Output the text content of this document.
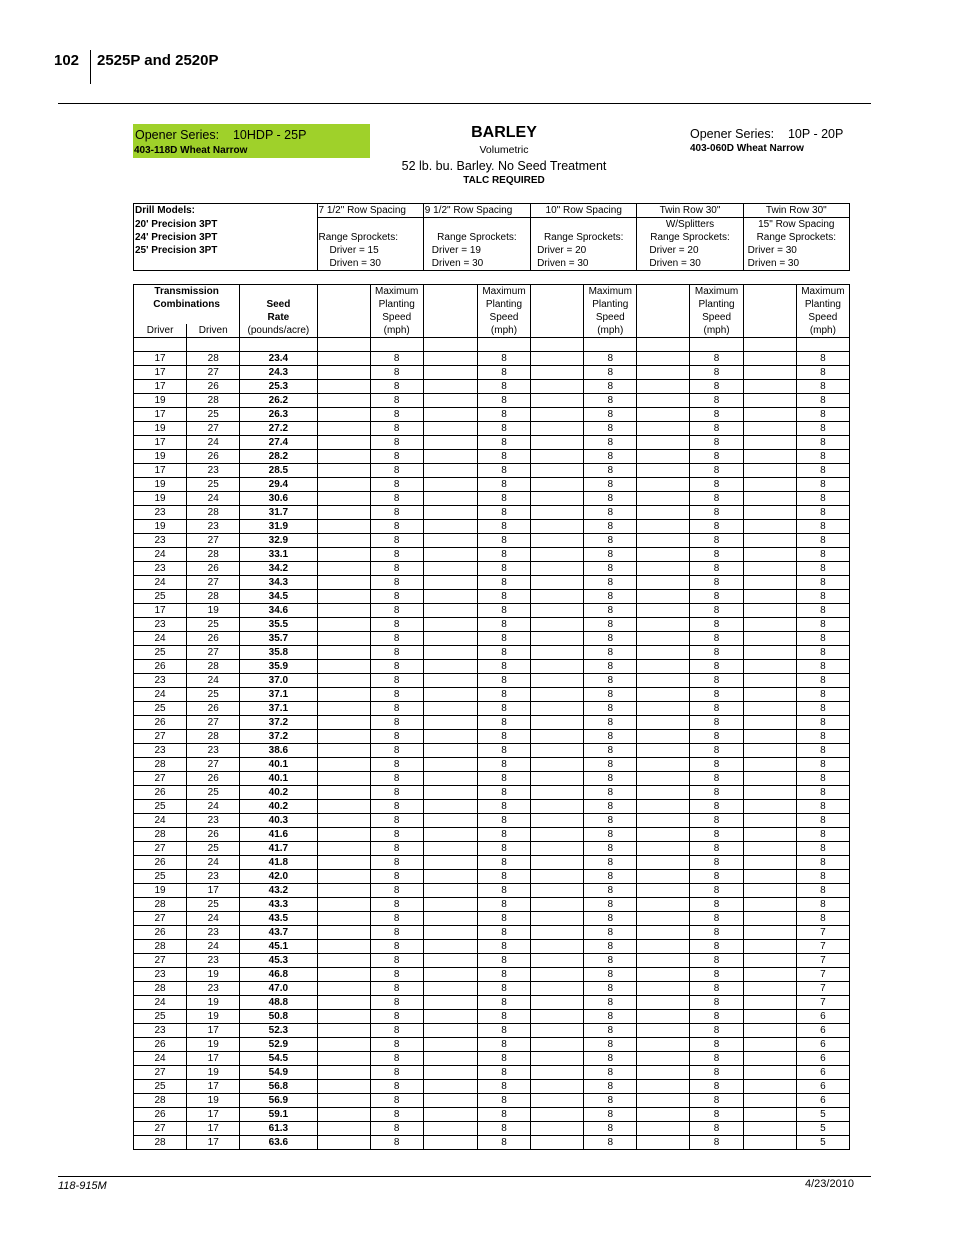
102 2525P and 2520P
Opener Series: 10HDP - 25P
403-118D Wheat Narrow
BARLEY
Volumetric
52 lb. bu. Barley. No Seed Treatment
TALC REQUIRED
Opener Series: 10P - 20P
403-060D Wheat Narrow
Drill Models:			7 1/2" Row Spacing		9 1/2" Row Spacing		10" Row Spacing		Twin Row 30"		Twin Row 30"	
20' Precision 3PT									W/Splitters		15" Row Spacing	
24' Precision 3PT			Range Sprockets:		Range Sprockets:		Range Sprockets:		Range Sprockets:		Range Sprockets:	
25' Precision 3PT			Driver = 15		Driver = 19		Driver = 20		Driver = 20		Driver = 30	
			Driven = 30		Driven = 30		Driven = 30		Driven = 30		Driven = 30	

Transmission				Maximum		Maximum		Maximum		Maximum		Maximum
Combinations		Seed		Planting		Planting		Planting		Planting		Planting
		Rate		Speed		Speed		Speed		Speed		Speed
Driver	Driven	(pounds/acre)		(mph)		(mph)		(mph)		(mph)		(mph)

17	28	23.4		8		8		8		8		8
17	27	24.3		8		8		8		8		8
17	26	25.3		8		8		8		8		8
19	28	26.2		8		8		8		8		8
17	25	26.3		8		8		8		8		8
19	27	27.2		8		8		8		8		8
17	24	27.4		8		8		8		8		8
19	26	28.2		8		8		8		8		8
17	23	28.5		8		8		8		8		8
19	25	29.4		8		8		8		8		8
19	24	30.6		8		8		8		8		8
23	28	31.7		8		8		8		8		8
19	23	31.9		8		8		8		8		8
23	27	32.9		8		8		8		8		8
24	28	33.1		8		8		8		8		8
23	26	34.2		8		8		8		8		8
24	27	34.3		8		8		8		8		8
25	28	34.5		8		8		8		8		8
17	19	34.6		8		8		8		8		8
23	25	35.5		8		8		8		8		8
24	26	35.7		8		8		8		8		8
25	27	35.8		8		8		8		8		8
26	28	35.9		8		8		8		8		8
23	24	37.0		8		8		8		8		8
24	25	37.1		8		8		8		8		8
25	26	37.1		8		8		8		8		8
26	27	37.2		8		8		8		8		8
27	28	37.2		8		8		8		8		8
23	23	38.6		8		8		8		8		8
28	27	40.1		8		8		8		8		8
27	26	40.1		8		8		8		8		8
26	25	40.2		8		8		8		8		8
25	24	40.2		8		8		8		8		8
24	23	40.3		8		8		8		8		8
28	26	41.6		8		8		8		8		8
27	25	41.7		8		8		8		8		8
26	24	41.8		8		8		8		8		8
25	23	42.0		8		8		8		8		8
19	17	43.2		8		8		8		8		8
28	25	43.3		8		8		8		8		8
27	24	43.5		8		8		8		8		8
26	23	43.7		8		8		8		8		7
28	24	45.1		8		8		8		8		7
27	23	45.3		8		8		8		8		7
23	19	46.8		8		8		8		8		7
28	23	47.0		8		8		8		8		7
24	19	48.8		8		8		8		8		7
25	19	50.8		8		8		8		8		6
23	17	52.3		8		8		8		8		6
26	19	52.9		8		8		8		8		6
24	17	54.5		8		8		8		8		6
27	19	54.9		8		8		8		8		6
25	17	56.8		8		8		8		8		6
28	19	56.9		8		8		8		8		6
26	17	59.1		8		8		8		8		5
27	17	61.3		8		8		8		8		5
28	17	63.6		8		8		8		8		5
118-915M	4/23/2010
